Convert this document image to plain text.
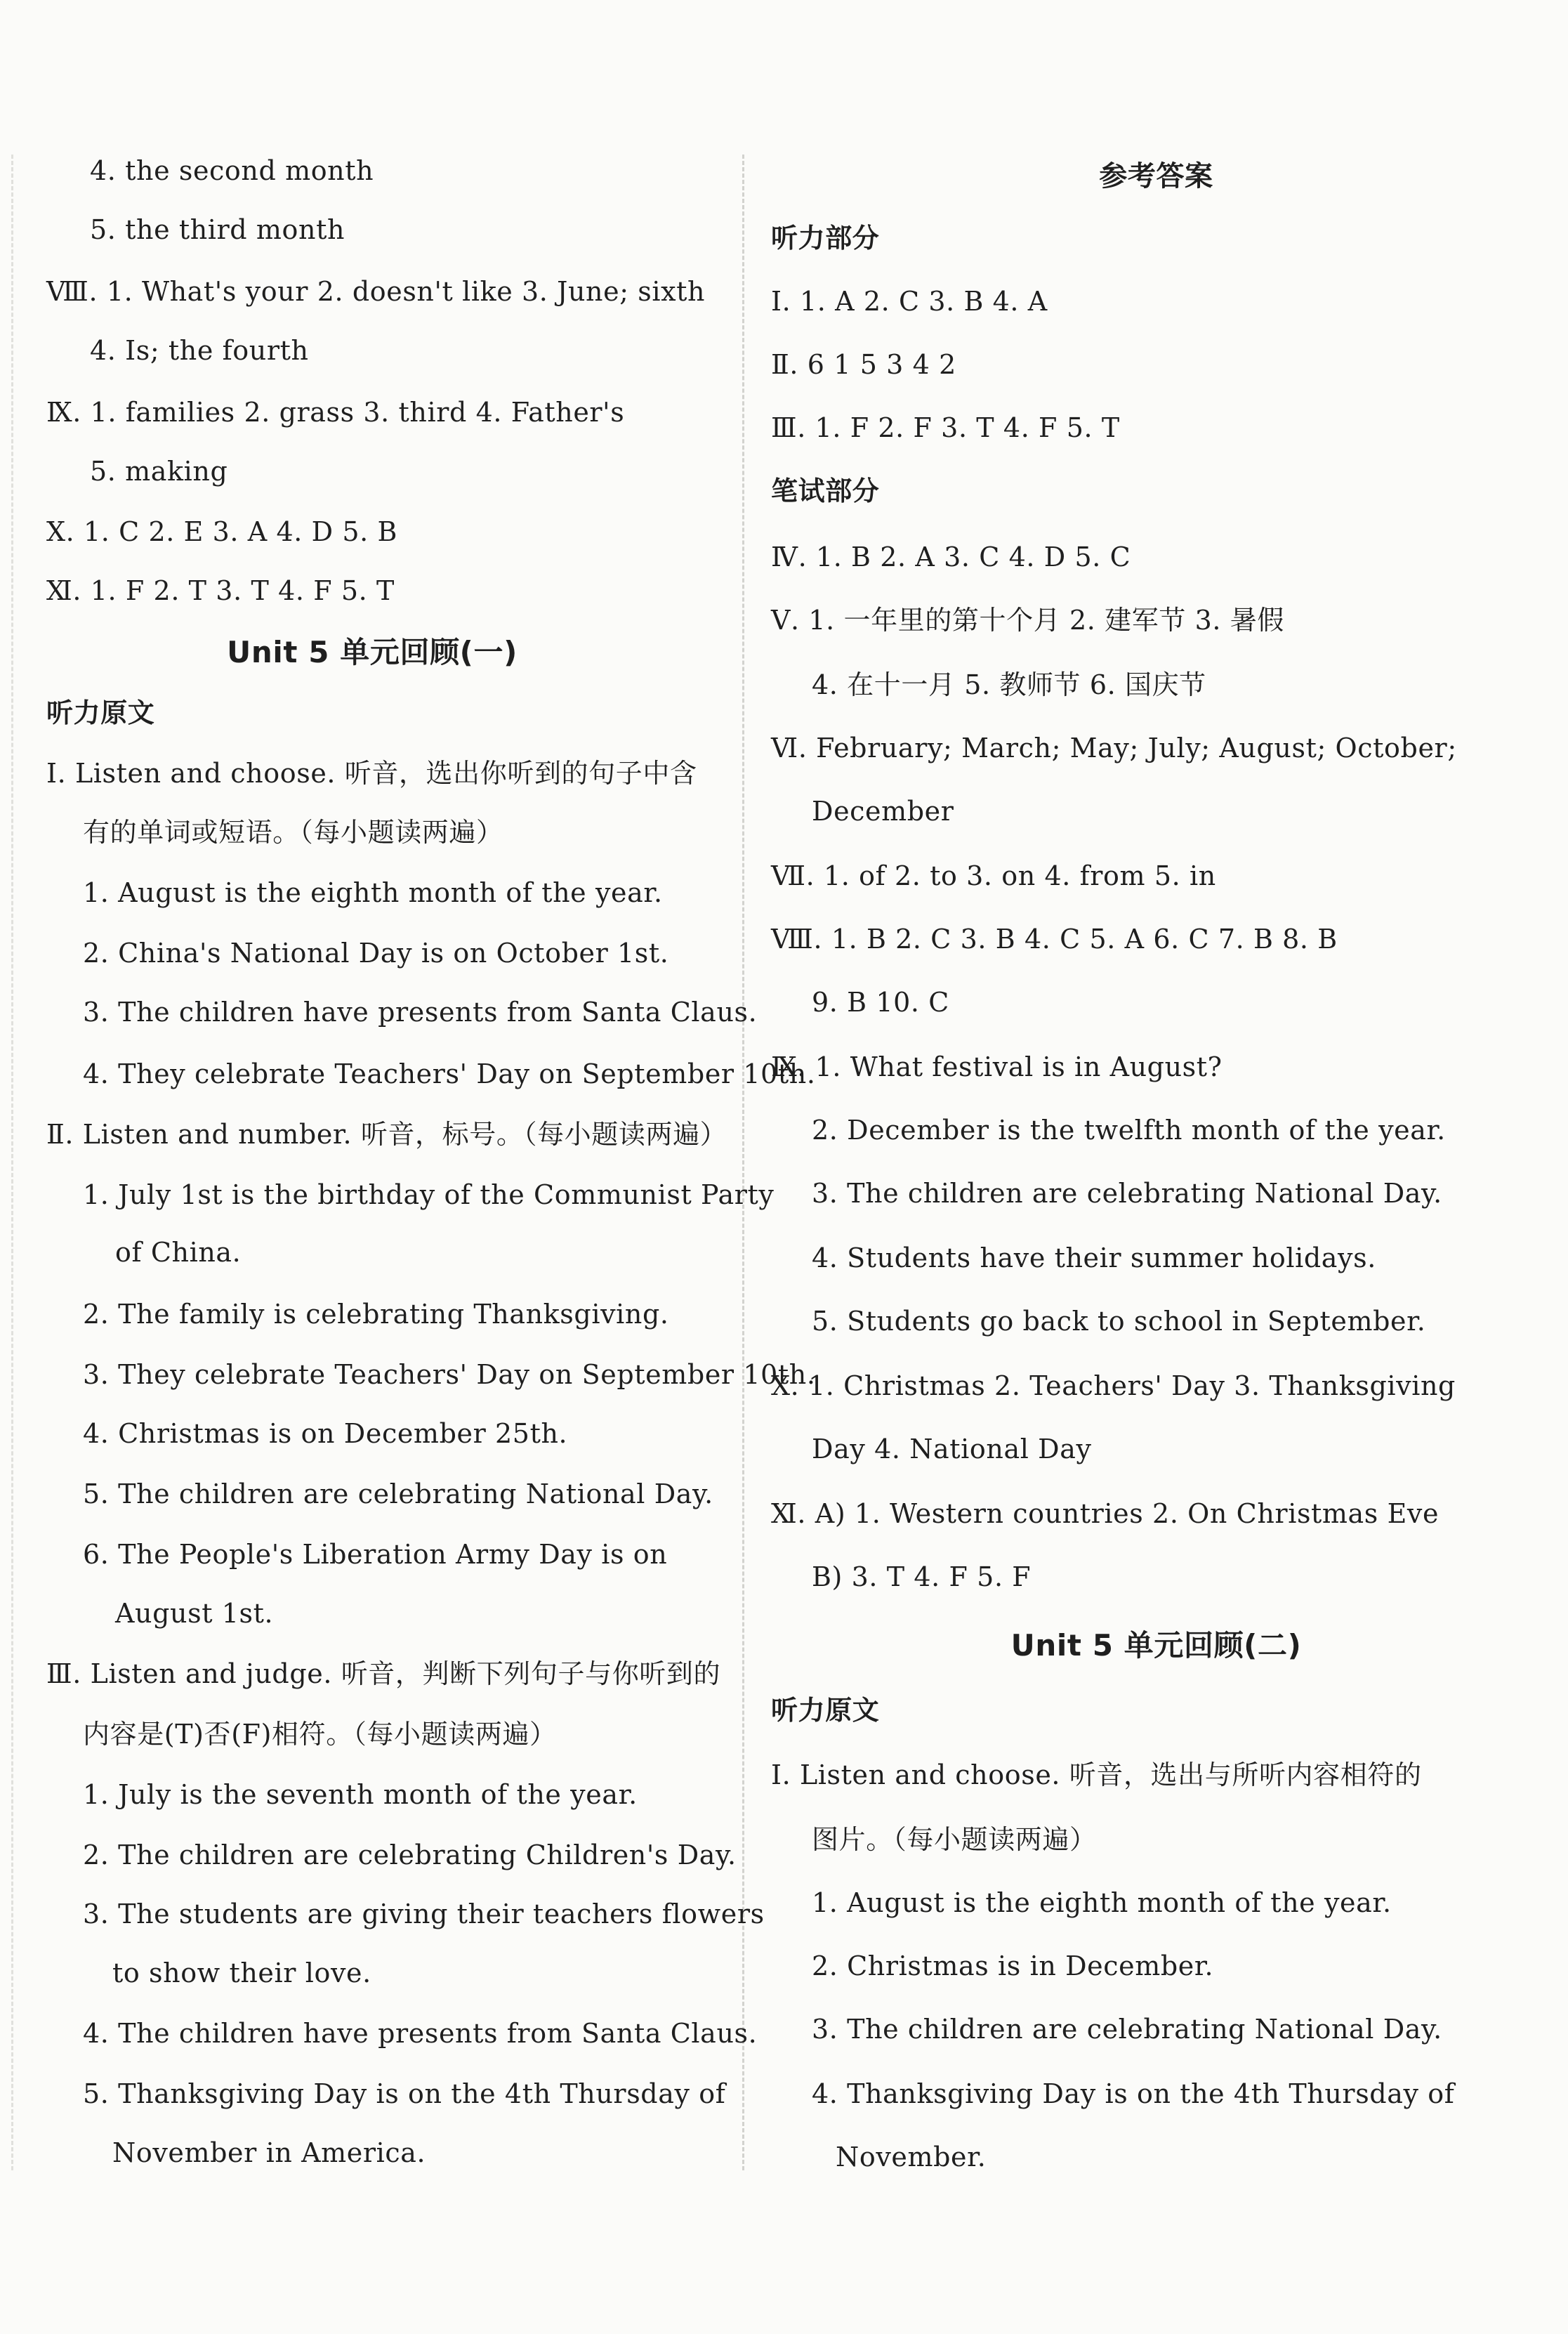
4. the second month
5. the third month
Ⅷ. 1. What's your 2. doesn't like 3. June; sixth
4. Is; the fourth
Ⅸ. 1. families 2. grass 3. third 4. Father's
5. making
Ⅹ. 1. C 2. E 3. A 4. D 5. B
Ⅺ. 1. F 2. T 3. T 4. F 5. T
Unit 5 单元回顾(一)
听力原文
Ⅰ. Listen and choose. 听音，选出你听到的句子中含
有的单词或短语。（每小题读两遍）
1. August is the eighth month of the year.
2. China's National Day is on October 1st.
3. The children have presents from Santa Claus.
4. They celebrate Teachers' Day on September 10th.
Ⅱ. Listen and number. 听音，标号。（每小题读两遍）
1. July 1st is the birthday of the Communist Party
of China.
2. The family is celebrating Thanksgiving.
3. They celebrate Teachers' Day on September 10th.
4. Christmas is on December 25th.
5. The children are celebrating National Day.
6. The People's Liberation Army Day is on
August 1st.
Ⅲ. Listen and judge. 听音，判断下列句子与你听到的
内容是(T)否(F)相符。（每小题读两遍）
1. July is the seventh month of the year.
2. The children are celebrating Children's Day.
3. The students are giving their teachers flowers
to show their love.
4. The children have presents from Santa Claus.
5. Thanksgiving Day is on the 4th Thursday of
November in America.
参考答案
听力部分
Ⅰ. 1. A 2. C 3. B 4. A
Ⅱ. 6 1 5 3 4 2
Ⅲ. 1. F 2. F 3. T 4. F 5. T
笔试部分
Ⅳ. 1. B 2. A 3. C 4. D 5. C
Ⅴ. 1. 一年里的第十个月 2. 建军节 3. 暑假
4. 在十一月 5. 教师节 6. 国庆节
Ⅵ. February; March; May; July; August; October;
December
Ⅶ. 1. of 2. to 3. on 4. from 5. in
Ⅷ. 1. B 2. C 3. B 4. C 5. A 6. C 7. B 8. B
9. B 10. C
Ⅸ. 1. What festival is in August?
2. December is the twelfth month of the year.
3. The children are celebrating National Day.
4. Students have their summer holidays.
5. Students go back to school in September.
Ⅹ. 1. Christmas 2. Teachers' Day 3. Thanksgiving
Day 4. National Day
Ⅺ. A) 1. Western countries 2. On Christmas Eve
B) 3. T 4. F 5. F
Unit 5 单元回顾(二)
听力原文
Ⅰ. Listen and choose. 听音，选出与所听内容相符的
图片。（每小题读两遍）
1. August is the eighth month of the year.
2. Christmas is in December.
3. The children are celebrating National Day.
4. Thanksgiving Day is on the 4th Thursday of
November.
